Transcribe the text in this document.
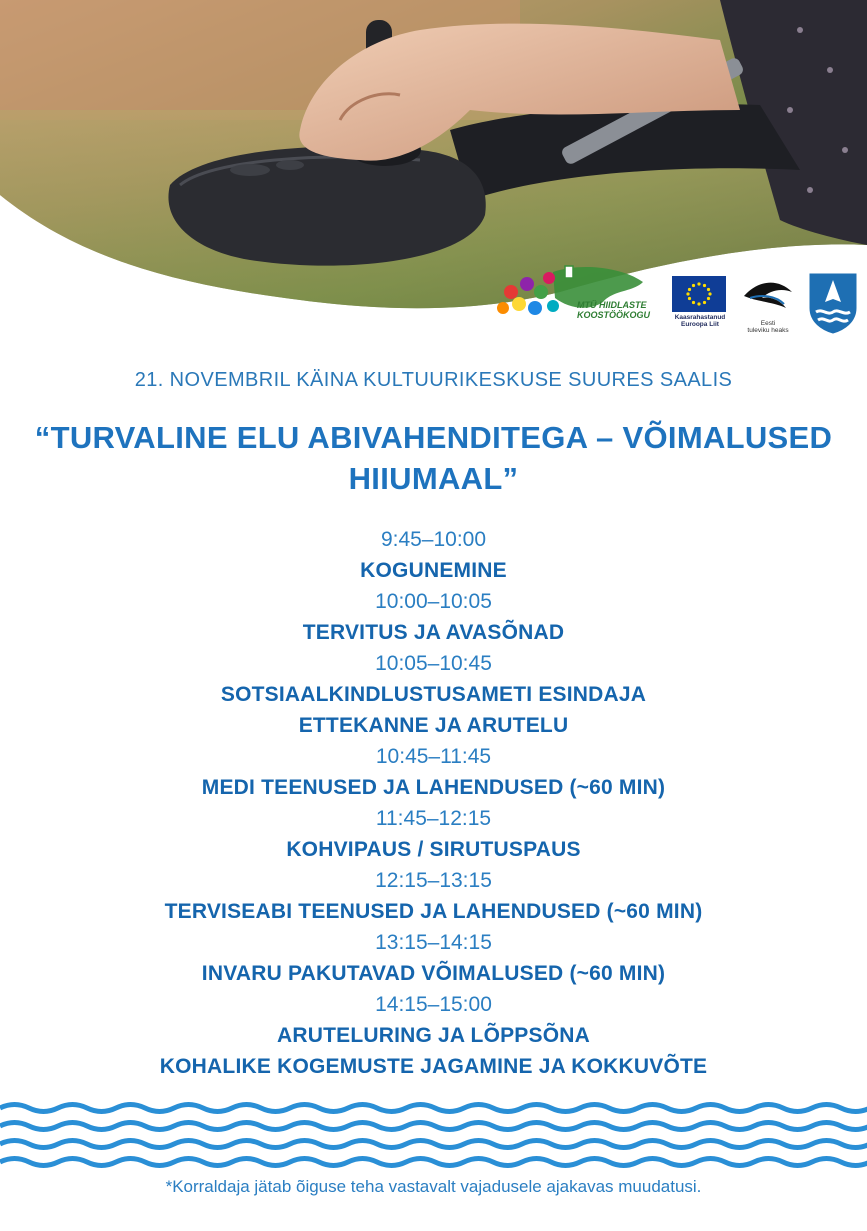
MTÜ HIIDLASTE
KOOSTÖÖKOGU	Kaasrahastanud
Euroopa Liit	Eesti
tuleviku heaks

21. NOVEMBRIL KÄINA KULTUURIKESKUSE SUURES SAALIS

“TURVALINE ELU ABIVAHENDITEGA – VÕIMALUSED
HIIUMAAL”
9:45–10:00
KOGUNEMINE
10:00–10:05
TERVITUS JA AVASÕNAD
10:05–10:45
SOTSIAALKINDLUSTUSAMETI ESINDAJA
ETTEKANNE JA ARUTELU
10:45–11:45
MEDI TEENUSED JA LAHENDUSED (~60 MIN)
11:45–12:15
KOHVIPAUS / SIRUTUSPAUS
12:15–13:15
TERVISEABI TEENUSED JA LAHENDUSED (~60 MIN)
13:15–14:15
INVARU PAKUTAVAD VÕIMALUSED (~60 MIN)
14:15–15:00
ARUTELURING JA LÕPPSÕNA
KOHALIKE KOGEMUSTE JAGAMINE JA KOKKUVÕTE
*Korraldaja jätab õiguse teha vastavalt vajadusele ajakavas muudatusi.
